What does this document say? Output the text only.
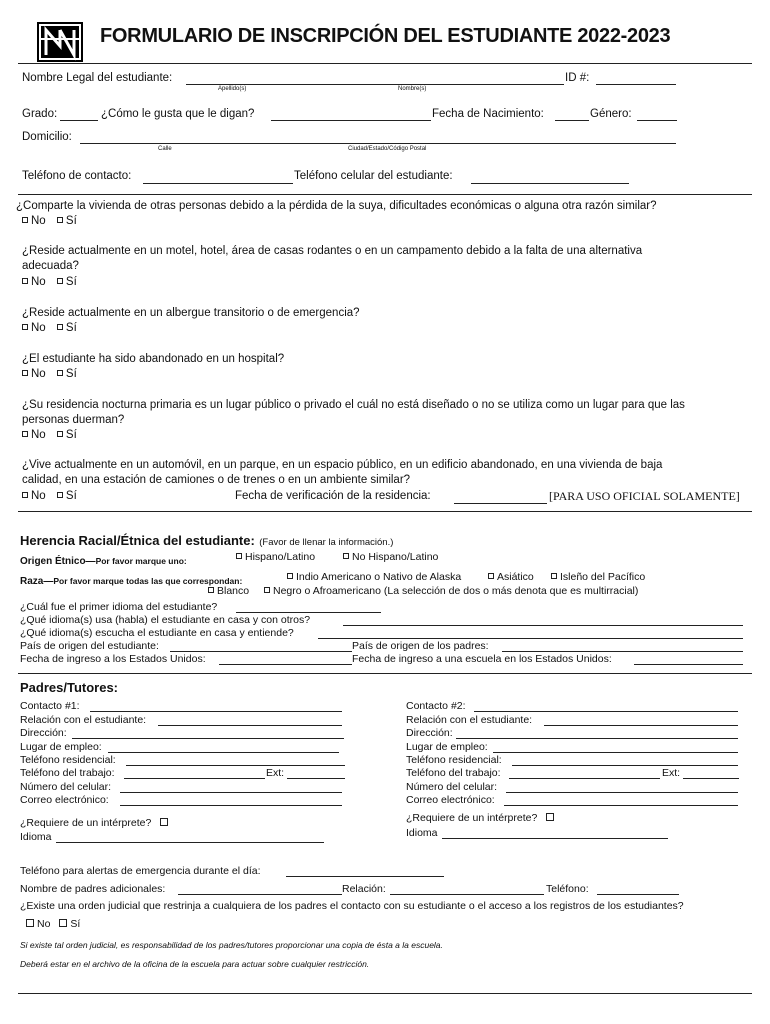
FORMULARIO DE INSCRIPCIÓN DEL ESTUDIANTE 2022-2023
Nombre Legal del estudiante:
Apellido(s)	Nombre(s)
ID #:
Grado:	¿Cómo le gusta que le digan?	Fecha de Nacimiento:	Género:
Domicilio:
Calle	Ciudad/Estado/Código Postal
Teléfono de contacto:	Teléfono celular del estudiante:
¿Comparte la vivienda de otras personas debido a la pérdida de la suya, dificultades económicas o alguna otra razón similar?
No Sí
¿Reside actualmente en un motel, hotel, área de casas rodantes o en un campamento debido a la falta de una alternativa
adecuada?
No Sí
¿Reside actualmente en un albergue transitorio o de emergencia?
No Sí
¿El estudiante ha sido abandonado en un hospital?
No Sí
¿Su residencia nocturna primaria es un lugar público o privado el cuál no está diseñado o no se utiliza como un lugar para que las
personas duerman?
No Sí
¿Vive actualmente en un automóvil, en un parque, en un espacio público, en un edificio abandonado, en una vivienda de baja
calidad, en una estación de camiones o de trenes o en un ambiente similar?
No Sí	Fecha de verificación de la residencia:	[PARA USO OFICIAL SOLAMENTE]
Herencia Racial/Étnica del estudiante: (Favor de llenar la información.)
Origen Étnico—Por favor marque uno:	Hispano/Latino	No Hispano/Latino
Raza—Por favor marque todas las que correspondan:	Indio Americano o Nativo de Alaska	Asiático	Isleño del Pacífico
Blanco	Negro o Afroamericano (La selección de dos o más denota que es multirracial)
¿Cuál fue el primer idioma del estudiante?
¿Qué idioma(s) usa (habla) el estudiante en casa y con otros?
¿Qué idioma(s) escucha el estudiante en casa y entiende?
País de origen del estudiante:	País de origen de los padres:
Fecha de ingreso a los Estados Unidos:	Fecha de ingreso a una escuela en los Estados Unidos:
Padres/Tutores:
Contacto #1:
Relación con el estudiante:
Dirección:
Lugar de empleo:
Teléfono residencial:
Teléfono del trabajo:	Ext:
Número del celular:
Correo electrónico:
¿Requiere de un intérprete?
Idioma
Contacto #2:
Relación con el estudiante:
Dirección:
Lugar de empleo:
Teléfono residencial:
Teléfono del trabajo:	Ext:
Número del celular:
Correo electrónico:
¿Requiere de un intérprete?
Idioma
Teléfono para alertas de emergencia durante el día:
Nombre de padres adicionales:	Relación:	Teléfono:
¿Existe una orden judicial que restrinja a cualquiera de los padres el contacto con su estudiante o el acceso a los registros de los estudiantes?
No Sí
Si existe tal orden judicial, es responsabilidad de los padres/tutores proporcionar una copia de ésta a la escuela.
Deberá estar en el archivo de la oficina de la escuela para actuar sobre cualquier restricción.
